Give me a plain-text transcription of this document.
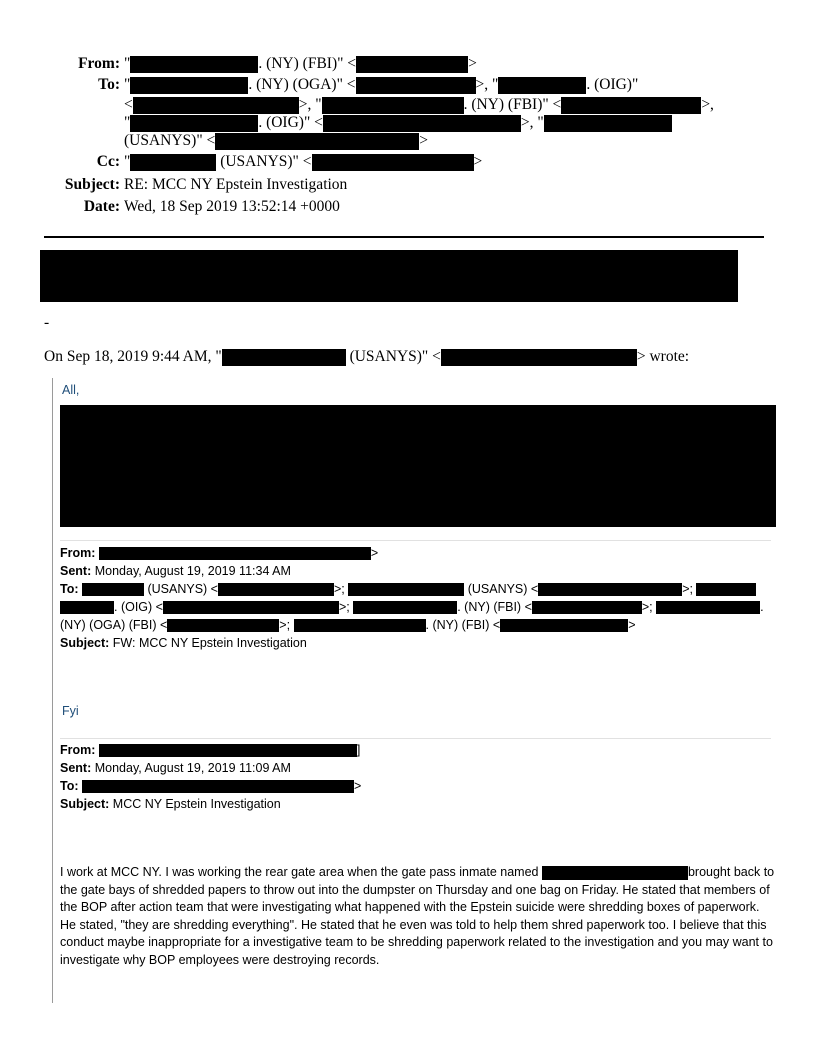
From: "	. (NY) (FBI)" <	>
To: "	. (NY) (OGA)" <	>, "	. (OIG)"
<	>, "	. (NY) (FBI)" <	>,
"	. (OIG)" <	>, "
(USANYS)" <	>
Cc: "	(USANYS)" <	>
Subject: RE: MCC NY Epstein Investigation
Date: Wed, 18 Sep 2019 13:52:14 +0000
-
On Sep 18, 2019 9:44 AM, "	(USANYS)" <	> wrote:
All,
From:	>
Sent: Monday, August 19, 2019 11:34 AM
To:	(USANYS) <	>;	(USANYS) <	>;
. (OIG) <	>;	. (NY) (FBI) <	>;	.
(NY) (OGA) (FBI) <	>;	. (NY) (FBI) <	>
Subject: FW: MCC NY Epstein Investigation
Fyi
From:	]
Sent: Monday, August 19, 2019 11:09 AM
To:	>
Subject: MCC NY Epstein Investigation
I work at MCC NY. I was working the rear gate area when the gate pass inmate named	brought back to the gate bays of shredded papers to throw out into the dumpster on Thursday and one bag on Friday. He stated that members of the BOP after action team that were investigating what happened with the Epstein suicide were shredding boxes of paperwork. He stated, "they are shredding everything". He stated that he even was told to help them shred paperwork too. I believe that this conduct maybe inappropriate for a investigative team to be shredding paperwork related to the investigation and you may want to investigate why BOP employees were destroying records.
